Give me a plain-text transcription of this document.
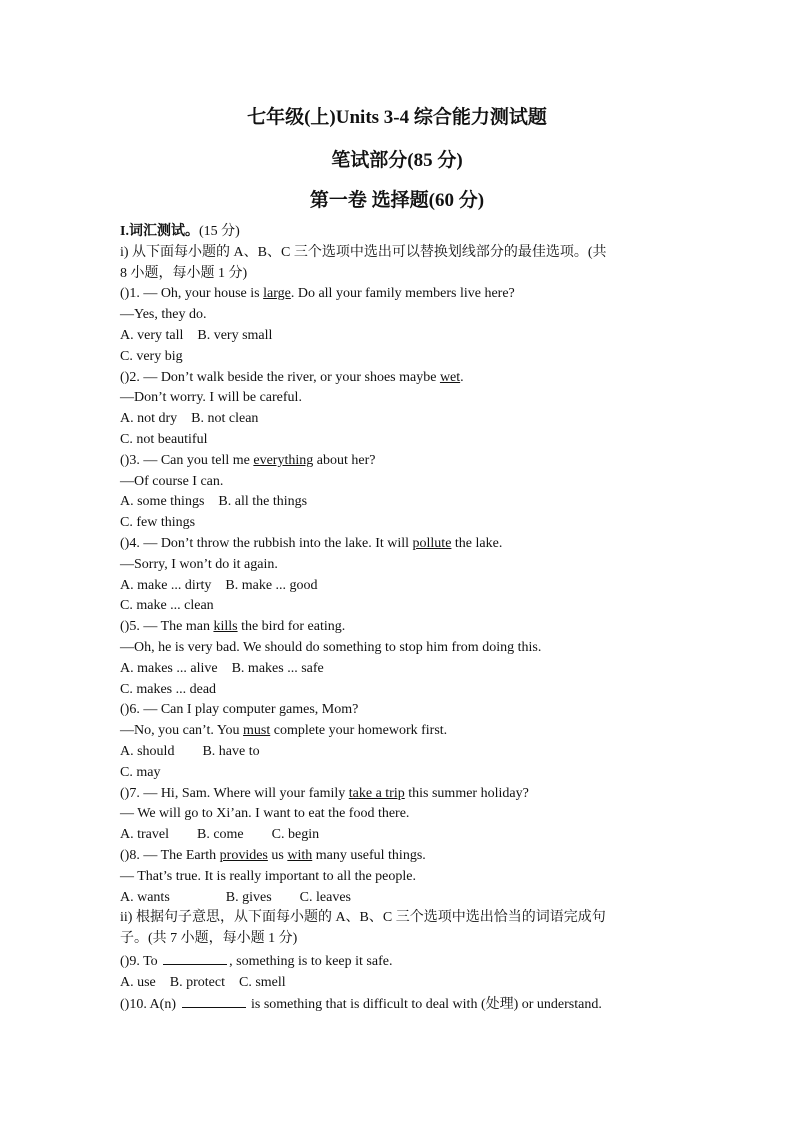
七年级(上)Units 3-4 综合能力测试题
笔试部分(85 分)
第一卷 选择题(60 分)
I.词汇测试。(15 分)
i) 从下面每小题的 A、B、C 三个选项中选出可以替换划线部分的最佳选项。(共
8 小题，每小题 1 分)
()1. — Oh, your house is large. Do all your family members live here?
—Yes, they do.
A. very tall B. very small
C. very big
()2. — Don’t walk beside the river, or your shoes maybe wet.
—Don’t worry. I will be careful.
A. not dry B. not clean
C. not beautiful
()3. — Can you tell me everything about her?
—Of course I can.
A. some things B. all the things
C. few things
()4. — Don’t throw the rubbish into the lake. It will pollute the lake.
—Sorry, I won’t do it again.
A. make ... dirty B. make ... good
C. make ... clean
()5. — The man kills the bird for eating.
—Oh, he is very bad. We should do something to stop him from doing this.
A. makes ... alive B. makes ... safe
C. makes ... dead
()6. — Can I play computer games, Mom?
—No, you can’t. You must complete your homework first.
A. should B. have to
C. may
()7. — Hi, Sam. Where will your family take a trip this summer holiday?
— We will go to Xi’an. I want to eat the food there.
A. travel B. come C. begin
()8. — The Earth provides us with many useful things.
— That’s true. It is really important to all the people.
A. wants	B. gives C. leaves
ii) 根据句子意思，从下面每小题的 A、B、C 三个选项中选出恰当的词语完成句
子。(共 7 小题，每小题 1 分)
()9. To	, something is to keep it safe.
A. use B. protect C. smell
()10. A(n)	is something that is difficult to deal with (处理) or understand.
